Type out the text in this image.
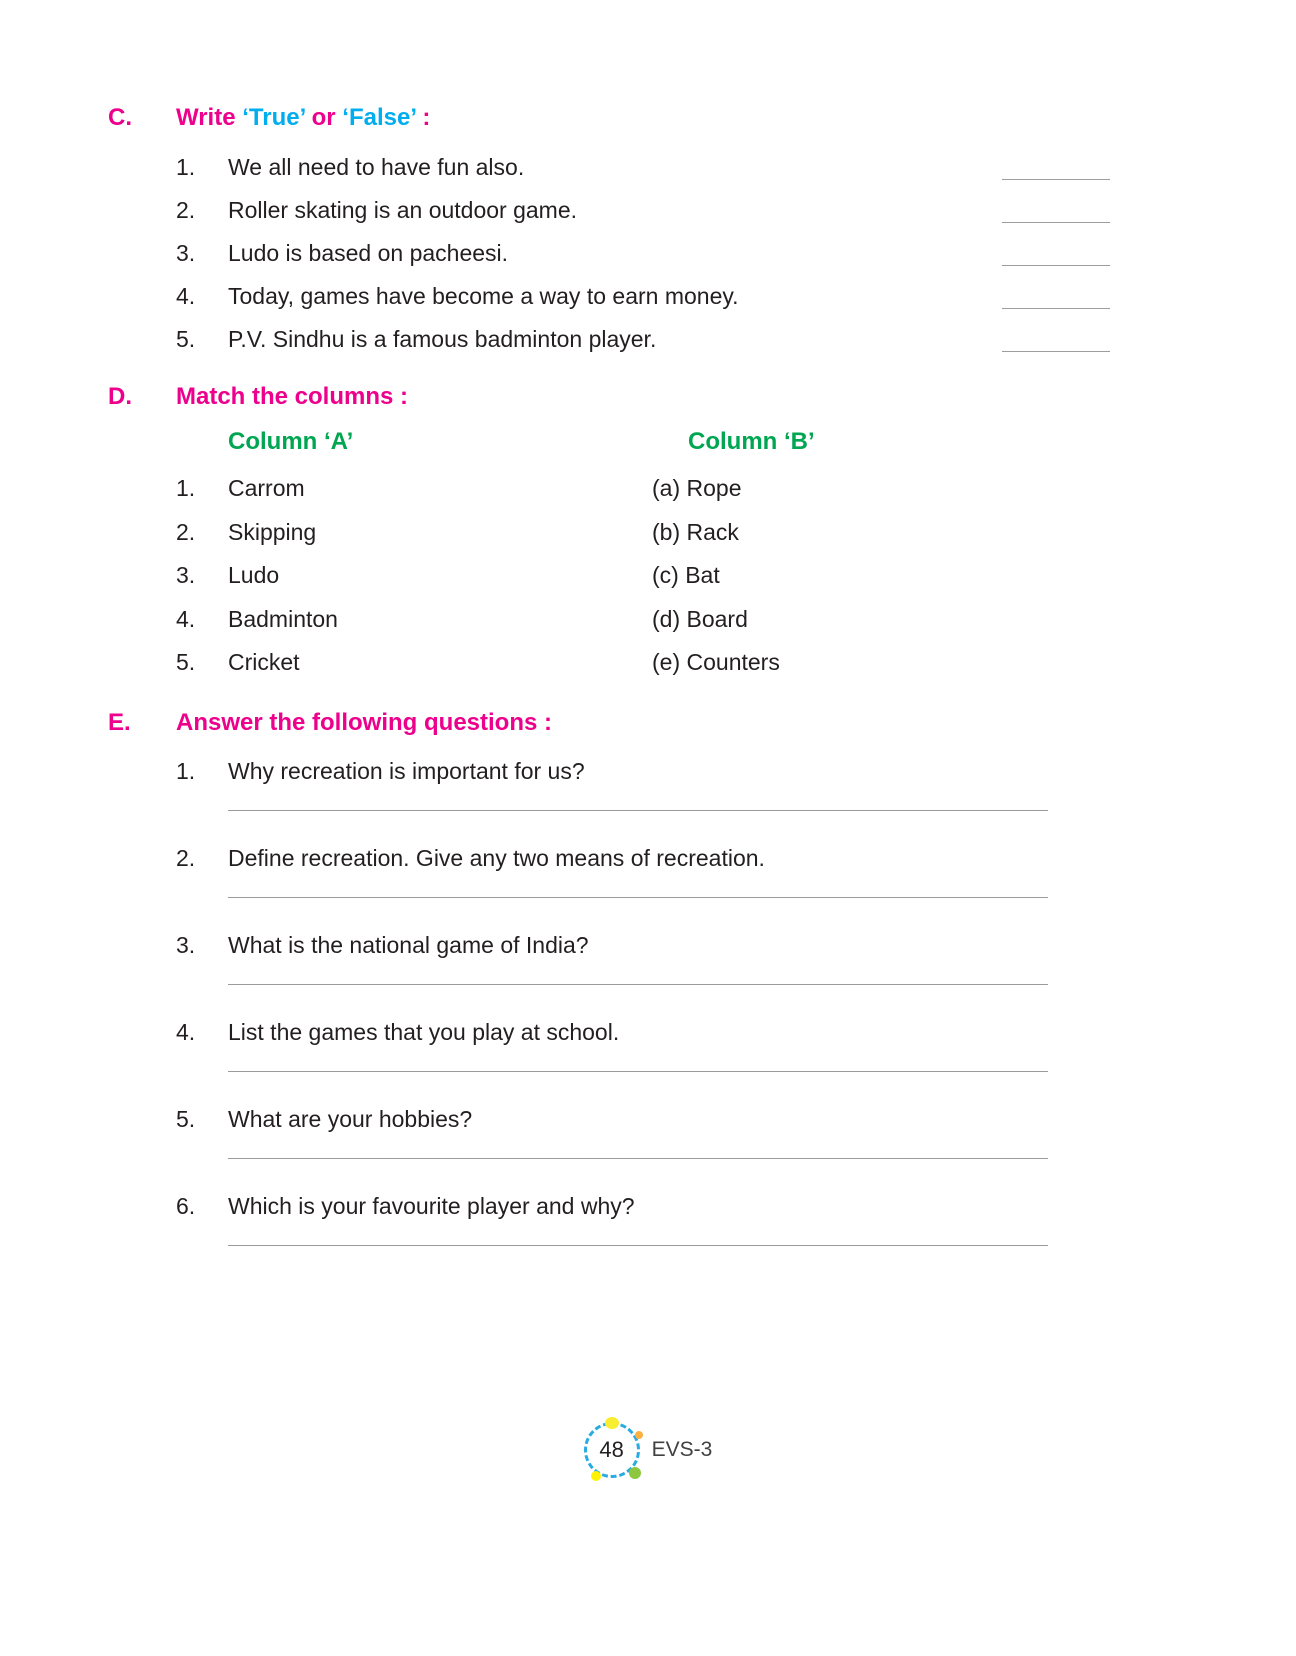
C.	Write ‘True’ or ‘False’ :
1.	We all need to have fun also.
2.	Roller skating is an outdoor game.
3.	Ludo is based on pacheesi.
4.	Today, games have become a way to earn money.
5.	P.V. Sindhu is a famous badminton player.
D.	Match the columns :
Column ‘A’	Column ‘B’
1.	Carrom	(a) Rope
2.	Skipping	(b) Rack
3.	Ludo	(c) Bat
4.	Badminton	(d) Board
5.	Cricket	(e) Counters
E.	Answer the following questions :
1.	Why recreation is important for us?
2.	Define recreation. Give any two means of recreation.
3.	What is the national game of India?
4.	List the games that you play at school.
5.	What are your hobbies?
6.	Which is your favourite player and why?
48 EVS-3
